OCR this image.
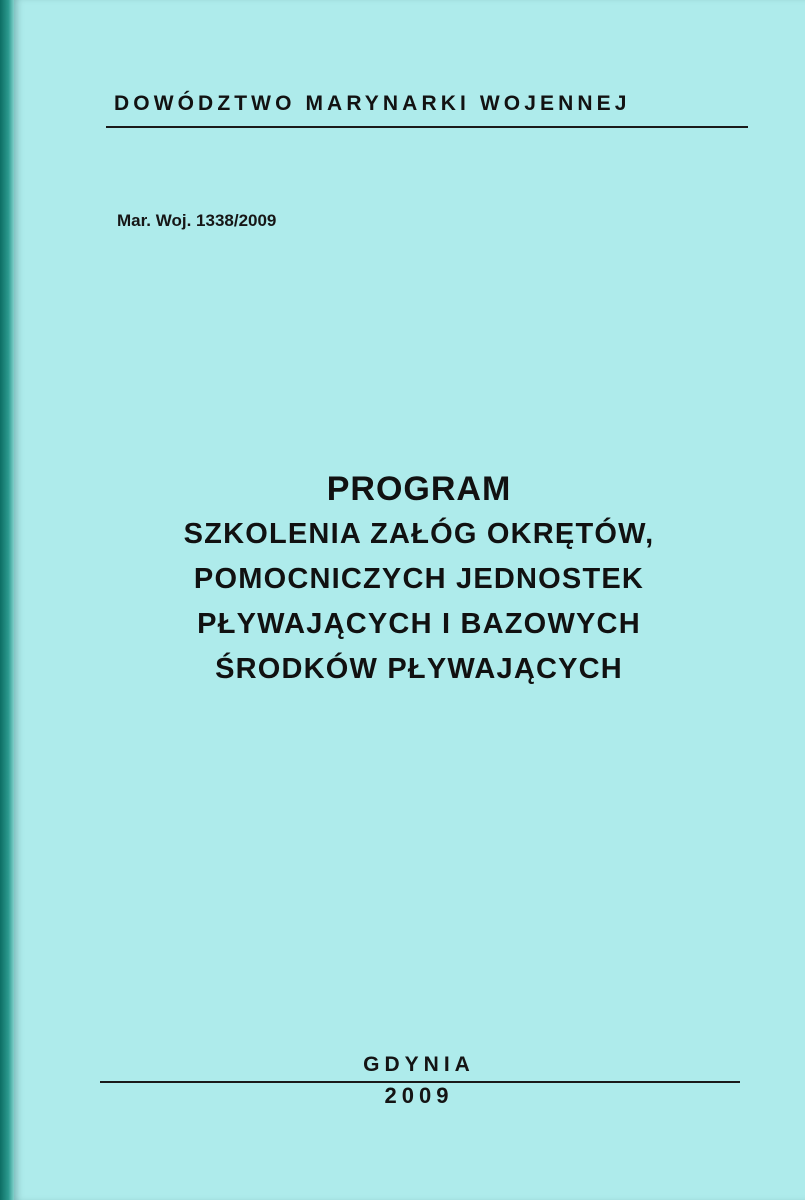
DOWÓDZTWO MARYNARKI WOJENNEJ

Mar. Woj. 1338/2009

PROGRAM

SZKOLENIA ZAŁÓG OKRĘTÓW,

POMOCNICZYCH JEDNOSTEK

PŁYWAJĄCYCH I BAZOWYCH

ŚRODKÓW PŁYWAJĄCYCH

GDYNIA

2009
